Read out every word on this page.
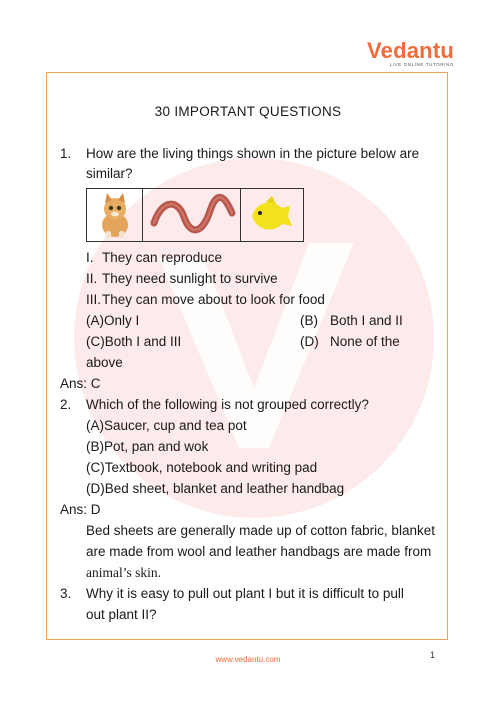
Vedantu
LIVE ONLINE TUTORING
30 IMPORTANT QUESTIONS
1. How are the living things shown in the picture below are
similar?
I. They can reproduce
II. They need sunlight to survive
III. They can move about to look for food
(A)Only I	(B) Both I and II
(C)Both I and III	(D) None of the
above
Ans: C
2. Which of the following is not grouped correctly?
(A)Saucer, cup and tea pot
(B)Pot, pan and wok
(C)Textbook, notebook and writing pad
(D)Bed sheet, blanket and leather handbag
Ans: D
Bed sheets are generally made up of cotton fabric, blanket
are made from wool and leather handbags are made from
animal’s skin.
3. Why it is easy to pull out plant I but it is difficult to pull
out plant II?
www.vedantu.com	1
